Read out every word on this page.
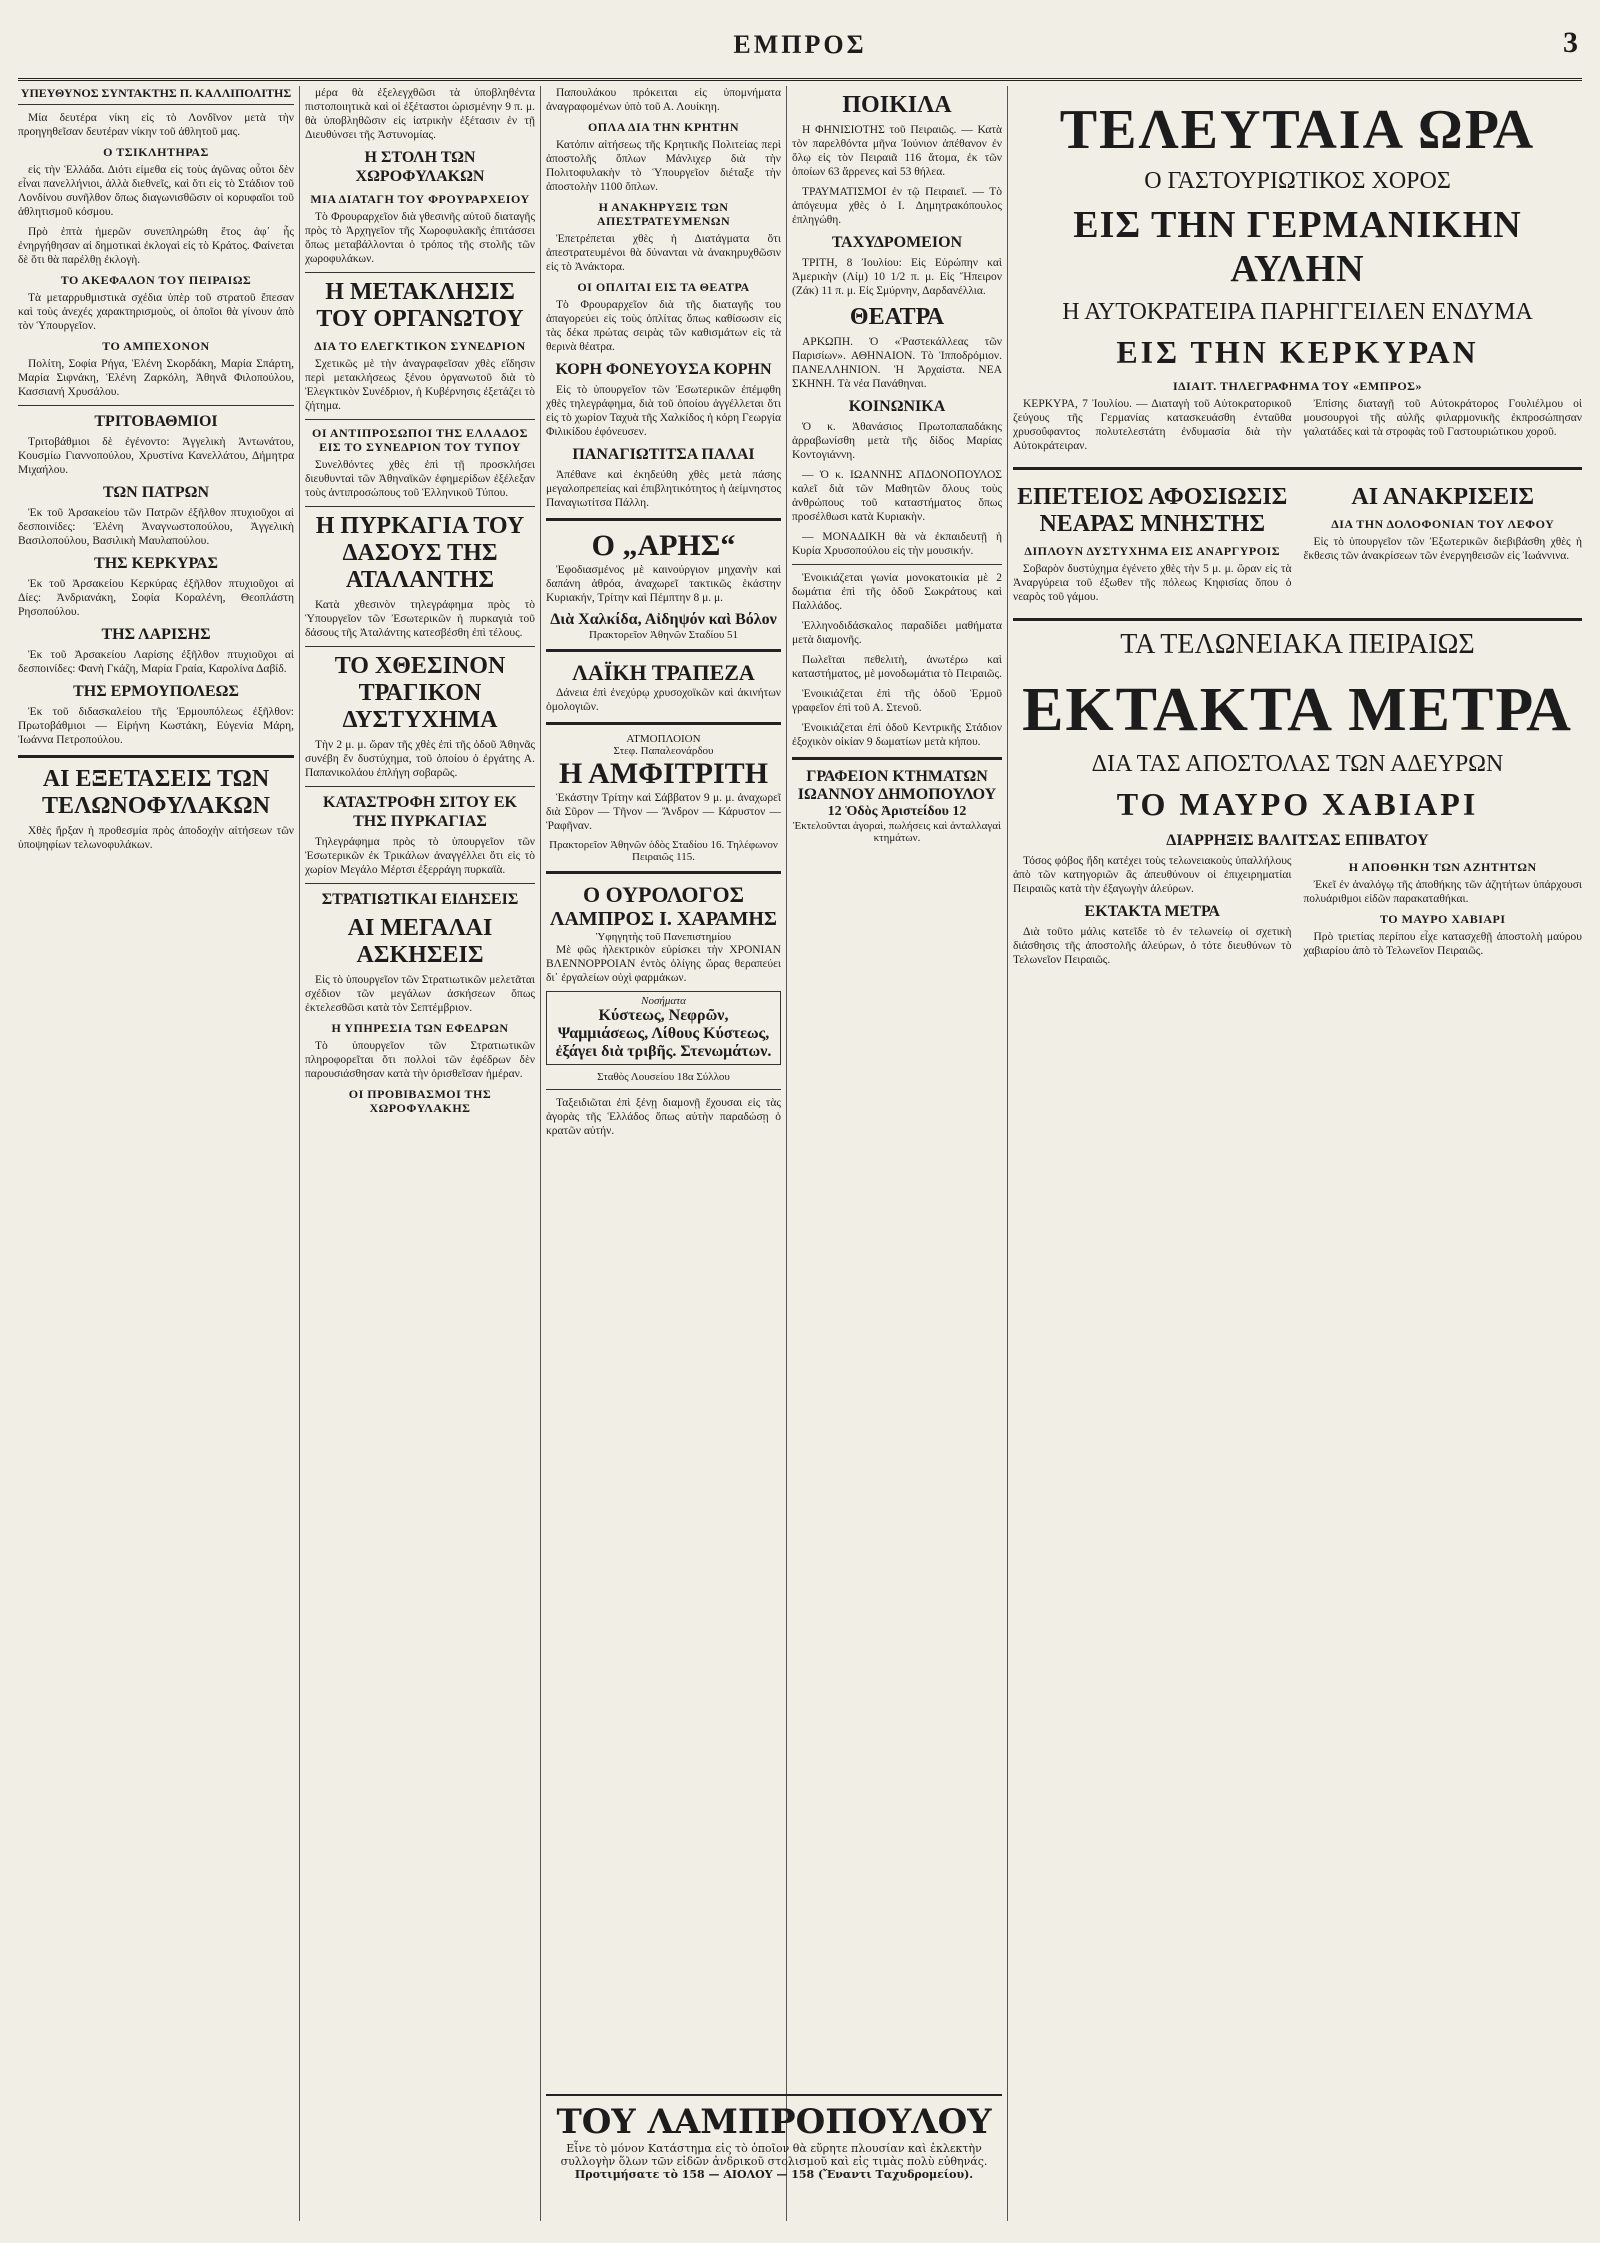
ΕΜΠΡΟΣ	3
ΥΠΕΥΘΥΝΟΣ ΣΥΝΤΑΚΤΗΣ Π. ΚΑΛΛΙΠΟΛΙΤΗΣ

Μία δευτέρα νίκη εἰς τὸ Λονδῖνον μετὰ τὴν προηγηθεῖσαν δευτέραν νίκην τοῦ ἀθλητοῦ μας.

Ο ΤΣΙΚΛΗΤΗΡΑΣ

εἰς τὴν Ἑλλάδα. Διότι εἰμεθα εἰς τοὺς ἀγῶνας οὗτοι δὲν εἶναι πανελλήνιοι, ἀλλὰ διεθνεῖς, καὶ ὅτι εἰς τὸ Στάδιον τοῦ Λονδίνου συνῆλθον ὅπως διαγωνισθῶσιν οἱ κορυφαῖοι τοῦ ἀθλητισμοῦ κόσμου.

Πρὸ ἑπτὰ ἡμερῶν συνεπληρώθη ἔτος ἀφ᾽ ἧς ἐνηργήθησαν αἱ δημοτικαὶ ἐκλογαὶ εἰς τὸ Κράτος. Φαίνεται δὲ ὅτι θὰ παρέλθῃ ἐκλογὴ.

ΤΟ ΑΚΕΦΑΛΟΝ ΤΟΥ ΠΕΙΡΑΙΩΣ

Τὰ μεταρρυθμιστικὰ σχέδια ὑπὲρ τοῦ στρατοῦ ἔπεσαν καὶ τοὺς ἀνεχές χαρακτηρισμοὺς, οἱ ὁποῖοι θὰ γίνουν ἀπὸ τὸν Ὑπουργεῖον.

ΤΟ ΑΜΠΕΧΟΝΟΝ

Πολίτη, Σοφία Ρήγα, Ἑλένη Σκορδάκη, Μαρία Σπάρτη, Μαρία Σιφνάκη, Ἑλένη Ζαρκόλη, Ἀθηνᾶ Φιλοπούλου, Κασσιανή Χρυσάλου.

ΤΡΙΤΟΒΑΘΜΙΟΙ

Τριτοβάθμιοι δὲ ἐγένοντο: Ἀγγελικὴ Ἀντωνάτου, Κουσμίω Γιαννοπούλου, Χρυστίνα Κανελλάτου, Δήμητρα Μιχαήλου.

ΤΩΝ ΠΑΤΡΩΝ

Ἐκ τοῦ Ἀρσακείου τῶν Πατρῶν ἐξῆλθον πτυχιοῦχοι αἱ δεσποινίδες: Ἑλένη Ἀναγνωστοπούλου, Ἀγγελικὴ Βασιλοπούλου, Βασιλικὴ Μαυλαπούλου.

ΤΗΣ ΚΕΡΚΥΡΑΣ

Ἐκ τοῦ Ἀρσακείου Κερκύρας ἐξῆλθον πτυχιοῦχοι αἱ Δίες: Ἀνδριανάκη, Σοφία Κοραλένη, Θεοπλάστη Ρησοπούλου.

ΤΗΣ ΛΑΡΙΣΗΣ

Ἐκ τοῦ Ἀρσακείου Λαρίσης ἐξῆλθον πτυχιοῦχοι αἱ δεσποινίδες: Φανὴ Γκάζη, Μαρία Γραία, Καρολίνα Δαβίδ.

ΤΗΣ ΕΡΜΟΥΠΟΛΕΩΣ

Ἐκ τοῦ διδασκαλείου τῆς Ἐρμουπόλεως ἐξῆλθον: Πρωτοβάθμιοι — Εἰρήνη Κωστάκη, Εὐγενία Μάρη, Ἰωάννα Πετροπούλου.

ΑΙ ΕΞΕΤΑΣΕΙΣ ΤΩΝ ΤΕΛΩΝΟΦΥΛΑΚΩΝ

Χθὲς ἤρξαν ἡ προθεσμία πρὸς ἀποδοχὴν αἰτήσεων τῶν ὑποψηφίων τελωνοφυλάκων.

μέρα θὰ ἐξελεγχθῶσι τὰ ὑποβληθέντα πιστοποιητικὰ καὶ οἱ ἐξέταστοι ὡρισμένην 9 π. μ. θὰ ὑποβληθῶσιν εἰς ἰατρικὴν ἐξέτασιν ἐν τῇ Διευθύνσει τῆς Ἀστυνομίας.

Η ΣΤΟΛΗ ΤΩΝ ΧΩΡΟΦΥΛΑΚΩΝ
ΜΙΑ ΔΙΑΤΑΓΗ ΤΟΥ ΦΡΟΥΡΑΡΧΕΙΟΥ

Τὸ Φρουραρχεῖον διὰ γθεσινῆς αὐτοῦ διαταγῆς πρὸς τὸ Ἀρχηγεῖον τῆς Χωροφυλακῆς ἐπιτάσσει ὅπως μεταβάλλονται ὁ τρόπος τῆς στολῆς τῶν χωροφυλάκων.

Η ΜΕΤΑΚΛΗΣΙΣ ΤΟΥ ΟΡΓΑΝΩΤΟΥ
ΔΙΑ ΤΟ ΕΛΕΓΚΤΙΚΟΝ ΣΥΝΕΔΡΙΟΝ

Σχετικῶς μὲ τὴν ἀναγραφεῖσαν χθὲς εἴδησιν περὶ μετακλήσεως ξένου ὀργανωτοῦ διὰ τὸ Ἐλεγκτικὸν Συνέδριον, ἡ Κυβέρνησις ἐξετάζει τὸ ζήτημα.

ΟΙ ΑΝΤΙΠΡΟΣΩΠΟΙ ΤΗΣ ΕΛΛΑΔΟΣ ΕΙΣ ΤΟ ΣΥΝΕΔΡΙΟΝ ΤΟΥ ΤΥΠΟΥ

Συνελθόντες χθὲς ἐπὶ τῇ προσκλήσει διευθυνταὶ τῶν Ἀθηναϊκῶν ἐφημερίδων ἐξέλεξαν τοὺς ἀντιπροσώπους τοῦ Ἑλληνικοῦ Τύπου.

Η ΠΥΡΚΑΓΙΑ ΤΟΥ ΔΑΣΟΥΣ ΤΗΣ ΑΤΑΛΑΝΤΗΣ

Κατὰ χθεσινὸν τηλεγράφημα πρὸς τὸ Ὑπουργεῖον τῶν Ἐσωτερικῶν ἡ πυρκαγιὰ τοῦ δάσους τῆς Ἀταλάντης κατεσβέσθη ἐπὶ τέλους.

ΤΟ ΧΘΕΣΙΝΟΝ ΤΡΑΓΙΚΟΝ ΔΥΣΤΥΧΗΜΑ

Τὴν 2 μ. μ. ὥραν τῆς χθὲς ἐπὶ τῆς ὁδοῦ Ἀθηνᾶς συνέβη ἕν δυστύχημα, τοῦ ὁποίου ὁ ἐργάτης Α. Παπανικολάου ἐπλήγη σοβαρῶς.

ΚΑΤΑΣΤΡΟΦΗ ΣΙΤΟΥ ΕΚ ΤΗΣ ΠΥΡΚΑΓΙΑΣ

Τηλεγράφημα πρὸς τὸ ὑπουργεῖον τῶν Ἐσωτερικῶν ἐκ Τρικάλων ἀναγγέλλει ὅτι εἰς τὸ χωρίον Μεγάλο Μέρτσι ἐξερράγη πυρκαϊὰ.

ΣΤΡΑΤΙΩΤΙΚΑΙ ΕΙΔΗΣΕΙΣ
ΑΙ ΜΕΓΑΛΑΙ ΑΣΚΗΣΕΙΣ

Εἰς τὸ ὑπουργεῖον τῶν Στρατιωτικῶν μελετᾶται σχέδιον τῶν μεγάλων ἀσκήσεων ὅπως ἐκτελεσθῶσι κατὰ τὸν Σεπτέμβριον.

Η ΥΠΗΡΕΣΙΑ ΤΩΝ ΕΦΕΔΡΩΝ

Τὸ ὑπουργεῖον τῶν Στρατιωτικῶν πληροφορεῖται ὅτι πολλοὶ τῶν ἐφέδρων δὲν παρουσιάσθησαν κατὰ τὴν ὁρισθεῖσαν ἡμέραν.

ΟΙ ΠΡΟΒΙΒΑΣΜΟΙ ΤΗΣ ΧΩΡΟΦΥΛΑΚΗΣ

Παπουλάκου πρόκειται εἰς ὑπομνήματα ἀναγραφομένων ὑπὸ τοῦ Α. Λουίκηη.

ΟΠΛΑ ΔΙΑ ΤΗΝ ΚΡΗΤΗΝ

Κατόπιν αἰτήσεως τῆς Κρητικῆς Πολιτείας περὶ ἀποστολῆς ὅπλων Μάνλιχερ διὰ τὴν Πολιτοφυλακὴν τὸ Ὑπουργεῖον διέταξε τὴν ἀποστολὴν 1100 ὅπλων.

Η ΑΝΑΚΗΡΥΞΙΣ ΤΩΝ ΑΠΕΣΤΡΑΤΕΥΜΕΝΩΝ

Ἐπετρέπεται χθὲς ἡ Διατάγματα ὅτι ἀπεστρατευμένοι θὰ δύνανται νὰ ἀνακηρυχθῶσιν εἰς τὸ Ἀνάκτορα.

ΟΙ ΟΠΛΙΤΑΙ ΕΙΣ ΤΑ ΘΕΑΤΡΑ

Τὸ Φρουραρχεῖον διὰ τῆς διαταγῆς του ἀπαγορεύει εἰς τοὺς ὁπλίτας ὅπως καθίσωσιν εἰς τὰς δέκα πρώτας σειρὰς τῶν καθισμάτων εἰς τὰ θερινὰ θέατρα.

ΚΟΡΗ ΦΟΝΕΥΟΥΣΑ ΚΟΡΗΝ

Εἰς τὸ ὑπουργεῖον τῶν Ἐσωτερικῶν ἐπέμφθη χθὲς τηλεγράφημα, διὰ τοῦ ὁποίου ἀγγέλλεται ὅτι εἰς τὸ χωρίον Ταχυὰ τῆς Χαλκίδος ἡ κόρη Γεωργία Φιλικίδου ἐφόνευσεν.

ΠΑΝΑΓΙΩΤΙΤΣΑ ΠΑΛΑΙ

Ἀπέθανε καὶ ἐκηδεύθη χθὲς μετὰ πάσης μεγαλοπρεπείας καὶ ἐπιβλητικότητος ἡ ἀείμνηστος Παναγιωτίτσα Πάλλη.

Ο „ΑΡΗΣ“

Ἐφοδιασμένος μὲ καινούργιον μηχανὴν καὶ δαπάνη ἀθρόα, ἀναχωρεῖ τακτικῶς ἑκάστην Κυριακήν, Τρίτην καὶ Πέμπτην 8 μ. μ.

Διὰ Χαλκίδα, Αἰδηψόν καὶ Βόλον
Πρακτορεῖον Ἀθηνῶν Σταδίου 51
ΛΑΪΚΗ ΤΡΑΠΕΖΑ

Δάνεια ἐπὶ ἐνεχύρῳ χρυσοχοϊκῶν καὶ ἀκινήτων ὁμολογιῶν.

ΑΤΜΟΠΛΟΙΟΝ
Στεφ. Παπαλεονάρδου
Η ΑΜΦΙΤΡΙΤΗ

Ἑκάστην Τρίτην καὶ Σάββατον 9 μ. μ. ἀναχωρεῖ διὰ Σῦρον — Τῆνον — Ἄνδρον — Κάρυστον — Ῥαφῆναν.

Πρακτορεῖον Ἀθηνῶν ὁδὸς Σταδίου 16. Τηλέφωνον Πειραιῶς 115.
Ο ΟΥΡΟΛΟΓΟΣ
ΛΑΜΠΡΟΣ Ι. ΧΑΡΑΜΗΣ
Ὑφηγητὴς τοῦ Πανεπιστημίου

Μὲ φῶς ἠλεκτρικὸν εὑρίσκει τὴν ΧΡΟΝΙΑΝ ΒΛΕΝΝΟΡΡΟΙΑΝ ἐντὸς ὀλίγης ὥρας θεραπεύει δι᾽ ἐργαλείων οὐχὶ φαρμάκων.

Νοσήματα
Κύστεως, Νεφρῶν, Ψαμμιάσεως, Λίθους Κύστεως, ἐξάγει διὰ τριβῆς. Στενωμάτων.
Σταθὸς Λουσείου 18α Σύλλου

Ταξειδιῶται ἐπὶ ξένῃ διαμονῇ ἔχουσαι εἰς τὰς ἀγορὰς τῆς Ἑλλάδος ὅπως αὐτὴν παραδώσῃ ὁ κρατῶν αὐτήν.

ΠΟΙΚΙΛΑ

Η ΦΗΝΙΣΙΟΤΗΣ τοῦ Πειραιῶς. — Κατὰ τὸν παρελθόντα μῆνα Ἰούνιον ἀπέθανον ἐν ὅλῳ εἰς τὸν Πειραιᾶ 116 ἄτομα, ἐκ τῶν ὁποίων 63 ἄρρενες καὶ 53 θήλεα.

ΤΡΑΥΜΑΤΙΣΜΟΙ ἐν τῷ Πειραιεῖ. — Τὸ ἀπόγευμα χθὲς ὁ Ι. Δημητρακόπουλος ἐπληγώθη.

ΤΑΧΥΔΡΟΜΕΙΟΝ

ΤΡΙΤΗ, 8 Ἰουλίου: Εἰς Εὐρώπην καὶ Ἀμερικὴν (Λίμ) 10 1/2 π. μ. Εἰς Ἤπειρον (Ζάκ) 11 π. μ. Εἰς Σμύρνην, Δαρδανέλλια.

ΘΕΑΤΡΑ

ΑΡΚΩΠΗ. Ὁ «Ῥαστεκάλλεας τῶν Παρισίων». ΑΘΗΝΑΙΟΝ. Τὸ Ἱπποδρόμιον. ΠΑΝΕΛΛΗΝΙΟΝ. Ἡ Ἀρχαίστα. ΝΕΑ ΣΚΗΝΗ. Τὰ νέα Πανάθηναι.

ΚΟΙΝΩΝΙΚΑ

Ὁ κ. Ἀθανάσιος Πρωτοπαπαδάκης ἀρραβωνίσθη μετὰ τῆς δίδος Μαρίας Κοντογιάννη.

— Ὁ κ. ΙΩΑΝΝΗΣ ΑΠΔΟΝΟΠΟΥΛΟΣ καλεῖ διὰ τῶν Μαθητῶν ὅλους τοὺς ἀνθρώπους τοῦ καταστήματος ὅπως προσέλθωσι κατὰ Κυριακὴν.

— ΜΟΝΑΔΙΚΗ θὰ νὰ ἐκπαιδευτῇ ἡ Κυρία Χρυσοπούλου εἰς τὴν μουσικήν.

Ἐνοικιάζεται γωνία μονοκατοικία μὲ 2 δωμάτια ἐπὶ τῆς ὁδοῦ Σωκράτους καὶ Παλλάδος.

Ἑλληνοδιδάσκαλος παραδίδει μαθήματα μετὰ διαμονῆς.

Πωλεῖται πεθελιτὴ, ἀνωτέρω καὶ καταστήματος, μὲ μονοδωμάτια τὸ Πειραιῶς.

Ἐνοικιάζεται ἐπὶ τῆς ὁδοῦ Ἑρμοῦ γραφεῖον ἐπὶ τοῦ Α. Στενοῦ.

Ἐνοικιάζεται ἐπὶ ὁδοῦ Κεντρικῆς Στάδιον ἐξοχικὸν οἰκίαν 9 δωματίων μετὰ κήπου.

ΓΡΑΦΕΙΟΝ ΚΤΗΜΑΤΩΝ
ΙΩΑΝΝΟΥ ΔΗΜΟΠΟΥΛΟΥ
12 Ὁδὸς Ἀριστείδου 12
Ἐκτελοῦνται ἀγοραὶ, πωλήσεις καὶ ἀνταλλαγαὶ κτημάτων.
ΤΕΛΕΥΤΑΙΑ ΩΡΑ
Ο ΓΑΣΤΟΥΡΙΩΤΙΚΟΣ ΧΟΡΟΣ
ΕΙΣ ΤΗΝ ΓΕΡΜΑΝΙΚΗΝ ΑΥΛΗΝ
Η ΑΥΤΟΚΡΑΤΕΙΡΑ ΠΑΡΗΓΓΕΙΛΕΝ ΕΝΔΥΜΑ
ΕΙΣ ΤΗΝ ΚΕΡΚΥΡΑΝ
ΙΔΙΑΙΤ. ΤΗΛΕΓΡΑΦΗΜΑ ΤΟΥ «ΕΜΠΡΟΣ»

ΚΕΡΚΥΡΑ, 7 Ἰουλίου. — Διαταγὴ τοῦ Αὐτοκρατορικοῦ ζεύγους τῆς Γερμανίας κατασκευάσθη ἐνταῦθα χρυσοΰφαντος πολυτελεστάτη ἐνδυμασία διὰ τὴν Αὐτοκράτειραν.

Ἐπίσης διαταγῇ τοῦ Αὐτοκράτορος Γουλιέλμου οἱ μουσουργοὶ τῆς αὐλῆς φιλαρμονικῆς ἐκπροσώπησαν γαλατάδες καὶ τὰ στροφὰς τοῦ Γαστουριώτικου χοροῦ.

ΕΠΕΤΕΙΟΣ ΑΦΟΣΙΩΣΙΣ ΝΕΑΡΑΣ ΜΝΗΣΤΗΣ
ΔΙΠΛΟΥΝ ΔΥΣΤΥΧΗΜΑ ΕΙΣ ΑΝΑΡΓΥΡΟΙΣ

Σοβαρὸν δυστύχημα ἐγένετο χθὲς τὴν 5 μ. μ. ὥραν εἰς τὰ Ἀναργύρεια τοῦ ἐξωθεν τῆς πόλεως Κηφισίας ὅπου ὁ νεαρὸς τοῦ γάμου.

ΑΙ ΑΝΑΚΡΙΣΕΙΣ
ΔΙΑ ΤΗΝ ΔΟΛΟΦΟΝΙΑΝ ΤΟΥ ΛΕΦΟΥ

Εἰς τὸ ὑπουργεῖον τῶν Ἐξωτερικῶν διεβιβάσθη χθὲς ἡ ἔκθεσις τῶν ἀνακρίσεων τῶν ἐνεργηθεισῶν εἰς Ἰωάννινα.

ΤΑ ΤΕΛΩΝΕΙΑΚΑ ΠΕΙΡΑΙΩΣ
ΕΚΤΑΚΤΑ ΜΕΤΡΑ
ΔΙΑ ΤΑΣ ΑΠΟΣΤΟΛΑΣ ΤΩΝ ΑΔΕΥΡΩΝ
ΤΟ ΜΑΥΡΟ ΧΑΒΙΑΡΙ
ΔΙΑΡΡΗΞΙΣ ΒΑΛΙΤΣΑΣ ΕΠΙΒΑΤΟΥ

Τόσος φόβος ἤδη κατέχει τοὺς τελωνειακοὺς ὑπαλλήλους ἀπὸ τῶν κατηγοριῶν ἃς ἀπευθύνουν οἱ ἐπιχειρηματίαι Πειραιῶς κατὰ τὴν ἐξαγωγὴν ἀλεύρων.

ΕΚΤΑΚΤΑ ΜΕΤΡΑ

Διὰ τοῦτο μάλις κατεῖδε τὸ ἐν τελωνείῳ οἱ σχετικὴ διάσθησις τῆς ἀποστολῆς ἀλεύρων, ὁ τότε διευθύνων τὸ Τελωνεῖον Πειραιῶς.

Η ΑΠΟΘΗΚΗ ΤΩΝ ΑΖΗΤΗΤΩΝ

Ἐκεῖ ἐν ἀναλόγῳ τῆς ἀποθήκης τῶν ἀζητήτων ὑπάρχουσι πολυάριθμοι εἰδῶν παρακαταθήκαι.

ΤΟ ΜΑΥΡΟ ΧΑΒΙΑΡΙ

Πρὸ τριετίας περίπου εἶχε κατασχεθῇ ἀποστολὴ μαύρου χαβιαρίου ἀπὸ τὸ Τελωνεῖον Πειραιῶς.

ΤΟΥ ΛΑΜΠΡΟΠΟΥΛΟΥ
Εἶνε τὸ μόνον Κατάστημα εἰς τὸ ὁποῖον θὰ εὕρητε πλουσίαν καὶ ἐκλεκτὴν συλλογὴν ὅλων τῶν εἰδῶν ἀνδρικοῦ στολισμοῦ καὶ εἰς τιμὰς πολὺ εὐθηνάς.
Προτιμήσατε τὸ 158 — ΑΙΟΛΟΥ — 158 (Ἔναντι Ταχυδρομείου).
